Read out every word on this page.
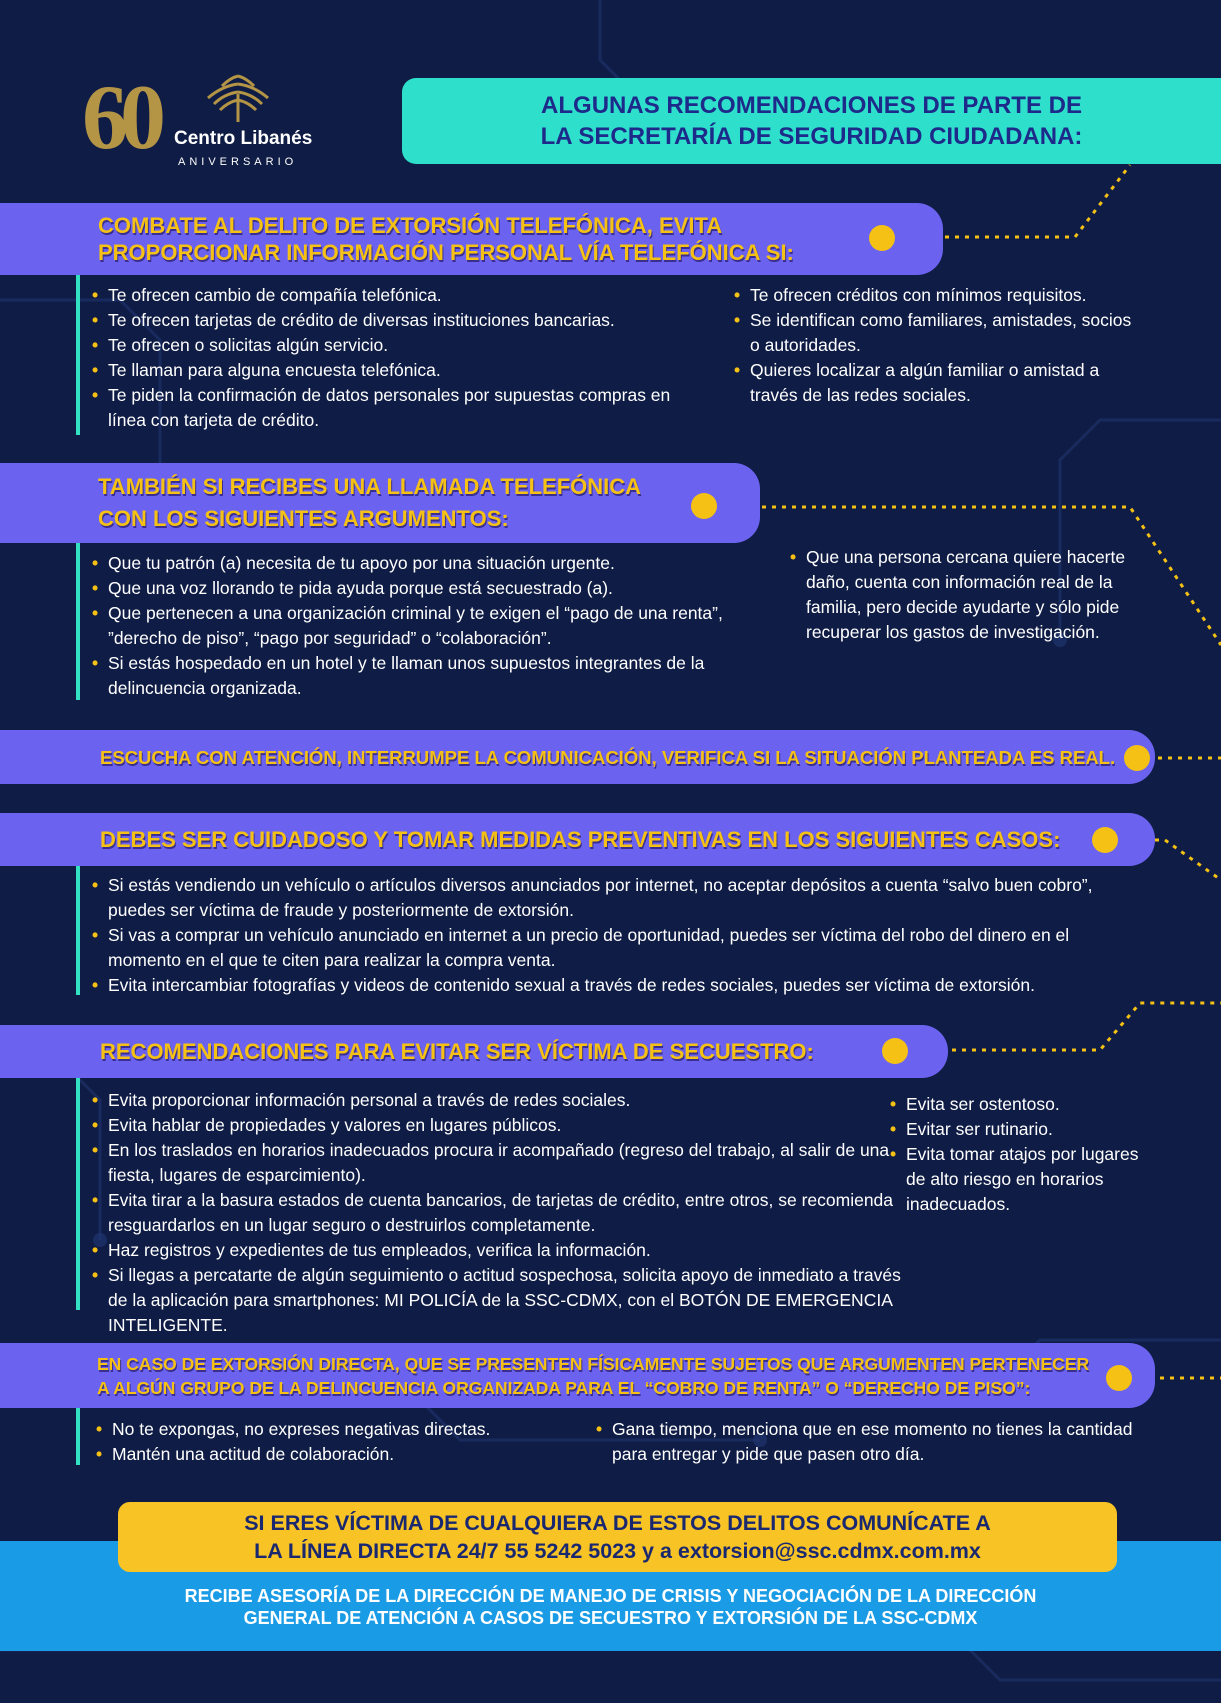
60 Centro Libanés
ANIVERSARIO
ALGUNAS RECOMENDACIONES DE PARTE DE
LA SECRETARÍA DE SEGURIDAD CIUDADANA:
COMBATE AL DELITO DE EXTORSIÓN TELEFÓNICA, EVITA
PROPORCIONAR INFORMACIÓN PERSONAL VÍA TELEFÓNICA SI:
• Te ofrecen cambio de compañía telefónica.
• Te ofrecen tarjetas de crédito de diversas instituciones bancarias.
• Te ofrecen o solicitas algún servicio.
• Te llaman para alguna encuesta telefónica.
• Te piden la confirmación de datos personales por supuestas compras en línea con tarjeta de crédito.
• Te ofrecen créditos con mínimos requisitos.
• Se identifican como familiares, amistades, socios o autoridades.
• Quieres localizar a algún familiar o amistad a través de las redes sociales.
TAMBIÉN SI RECIBES UNA LLAMADA TELEFÓNICA
CON LOS SIGUIENTES ARGUMENTOS:
• Que tu patrón (a) necesita de tu apoyo por una situación urgente.
• Que una voz llorando te pida ayuda porque está secuestrado (a).
• Que pertenecen a una organización criminal y te exigen el “pago de una renta”, ”derecho de piso”, “pago por seguridad” o “colaboración”.
• Si estás hospedado en un hotel y te llaman unos supuestos integrantes de la delincuencia organizada.
• Que una persona cercana quiere hacerte daño, cuenta con información real de la familia, pero decide ayudarte y sólo pide recuperar los gastos de investigación.
ESCUCHA CON ATENCIÓN, INTERRUMPE LA COMUNICACIÓN, VERIFICA SI LA SITUACIÓN PLANTEADA ES REAL.
DEBES SER CUIDADOSO Y TOMAR MEDIDAS PREVENTIVAS EN LOS SIGUIENTES CASOS:
• Si estás vendiendo un vehículo o artículos diversos anunciados por internet, no aceptar depósitos a cuenta “salvo buen cobro”, puedes ser víctima de fraude y posteriormente de extorsión.
• Si vas a comprar un vehículo anunciado en internet a un precio de oportunidad, puedes ser víctima del robo del dinero en el momento en el que te citen para realizar la compra venta.
• Evita intercambiar fotografías y videos de contenido sexual a través de redes sociales, puedes ser víctima de extorsión.
RECOMENDACIONES PARA EVITAR SER VÍCTIMA DE SECUESTRO:
• Evita proporcionar información personal a través de redes sociales.
• Evita hablar de propiedades y valores en lugares públicos.
• En los traslados en horarios inadecuados procura ir acompañado (regreso del trabajo, al salir de una fiesta, lugares de esparcimiento).
• Evita tirar a la basura estados de cuenta bancarios, de tarjetas de crédito, entre otros, se recomienda resguardarlos en un lugar seguro o destruirlos completamente.
• Haz registros y expedientes de tus empleados, verifica la información.
• Si llegas a percatarte de algún seguimiento o actitud sospechosa, solicita apoyo de inmediato a través de la aplicación para smartphones: MI POLICÍA de la SSC-CDMX, con el BOTÓN DE EMERGENCIA INTELIGENTE.
• Evita ser ostentoso.
• Evitar ser rutinario.
• Evita tomar atajos por lugares de alto riesgo en horarios inadecuados.
EN CASO DE EXTORSIÓN DIRECTA, QUE SE PRESENTEN FÍSICAMENTE SUJETOS QUE ARGUMENTEN PERTENECER
A ALGÚN GRUPO DE LA DELINCUENCIA ORGANIZADA PARA EL “COBRO DE RENTA” O “DERECHO DE PISO”:
• No te expongas, no expreses negativas directas.
• Mantén una actitud de colaboración.
• Gana tiempo, menciona que en ese momento no tienes la cantidad para entregar y pide que pasen otro día.
SI ERES VÍCTIMA DE CUALQUIERA DE ESTOS DELITOS COMUNÍCATE A
LA LÍNEA DIRECTA 24/7 55 5242 5023 y a extorsion@ssc.cdmx.com.mx
RECIBE ASESORÍA DE LA DIRECCIÓN DE MANEJO DE CRISIS Y NEGOCIACIÓN DE LA DIRECCIÓN
GENERAL DE ATENCIÓN A CASOS DE SECUESTRO Y EXTORSIÓN DE LA SSC-CDMX
